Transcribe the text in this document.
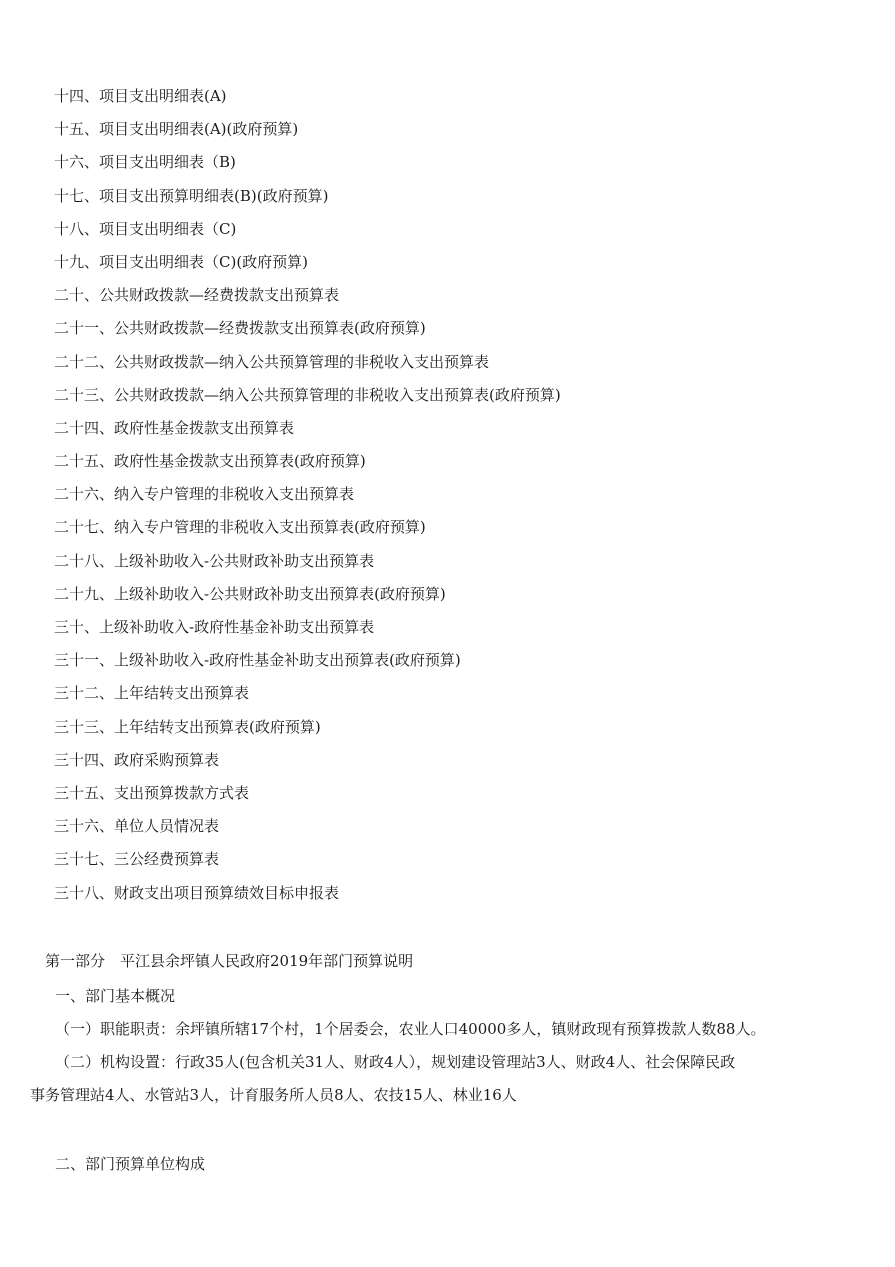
十四、项目支出明细表(A)
十五、项目支出明细表(A)(政府预算)
十六、项目支出明细表（B)
十七、项目支出预算明细表(B)(政府预算)
十八、项目支出明细表（C)
十九、项目支出明细表（C)(政府预算)
二十、公共财政拨款—经费拨款支出预算表
二十一、公共财政拨款—经费拨款支出预算表(政府预算)
二十二、公共财政拨款—纳入公共预算管理的非税收入支出预算表
二十三、公共财政拨款—纳入公共预算管理的非税收入支出预算表(政府预算)
二十四、政府性基金拨款支出预算表
二十五、政府性基金拨款支出预算表(政府预算)
二十六、纳入专户管理的非税收入支出预算表
二十七、纳入专户管理的非税收入支出预算表(政府预算)
二十八、上级补助收入-公共财政补助支出预算表
二十九、上级补助收入-公共财政补助支出预算表(政府预算)
三十、上级补助收入-政府性基金补助支出预算表
三十一、上级补助收入-政府性基金补助支出预算表(政府预算)
三十二、上年结转支出预算表
三十三、上年结转支出预算表(政府预算)
三十四、政府采购预算表
三十五、支出预算拨款方式表
三十六、单位人员情况表
三十七、三公经费预算表
三十八、财政支出项目预算绩效目标申报表
第一部分　平江县余坪镇人民政府2019年部门预算说明
一、部门基本概况
（一）职能职责：余坪镇所辖17个村，1个居委会，农业人口40000多人，镇财政现有预算拨款人数88人。
（二）机构设置：行政35人(包含机关31人、财政4人），规划建设管理站3人、财政4人、社会保障民政
事务管理站4人、水管站3人，计育服务所人员8人、农技15人、林业16人
二、部门预算单位构成
